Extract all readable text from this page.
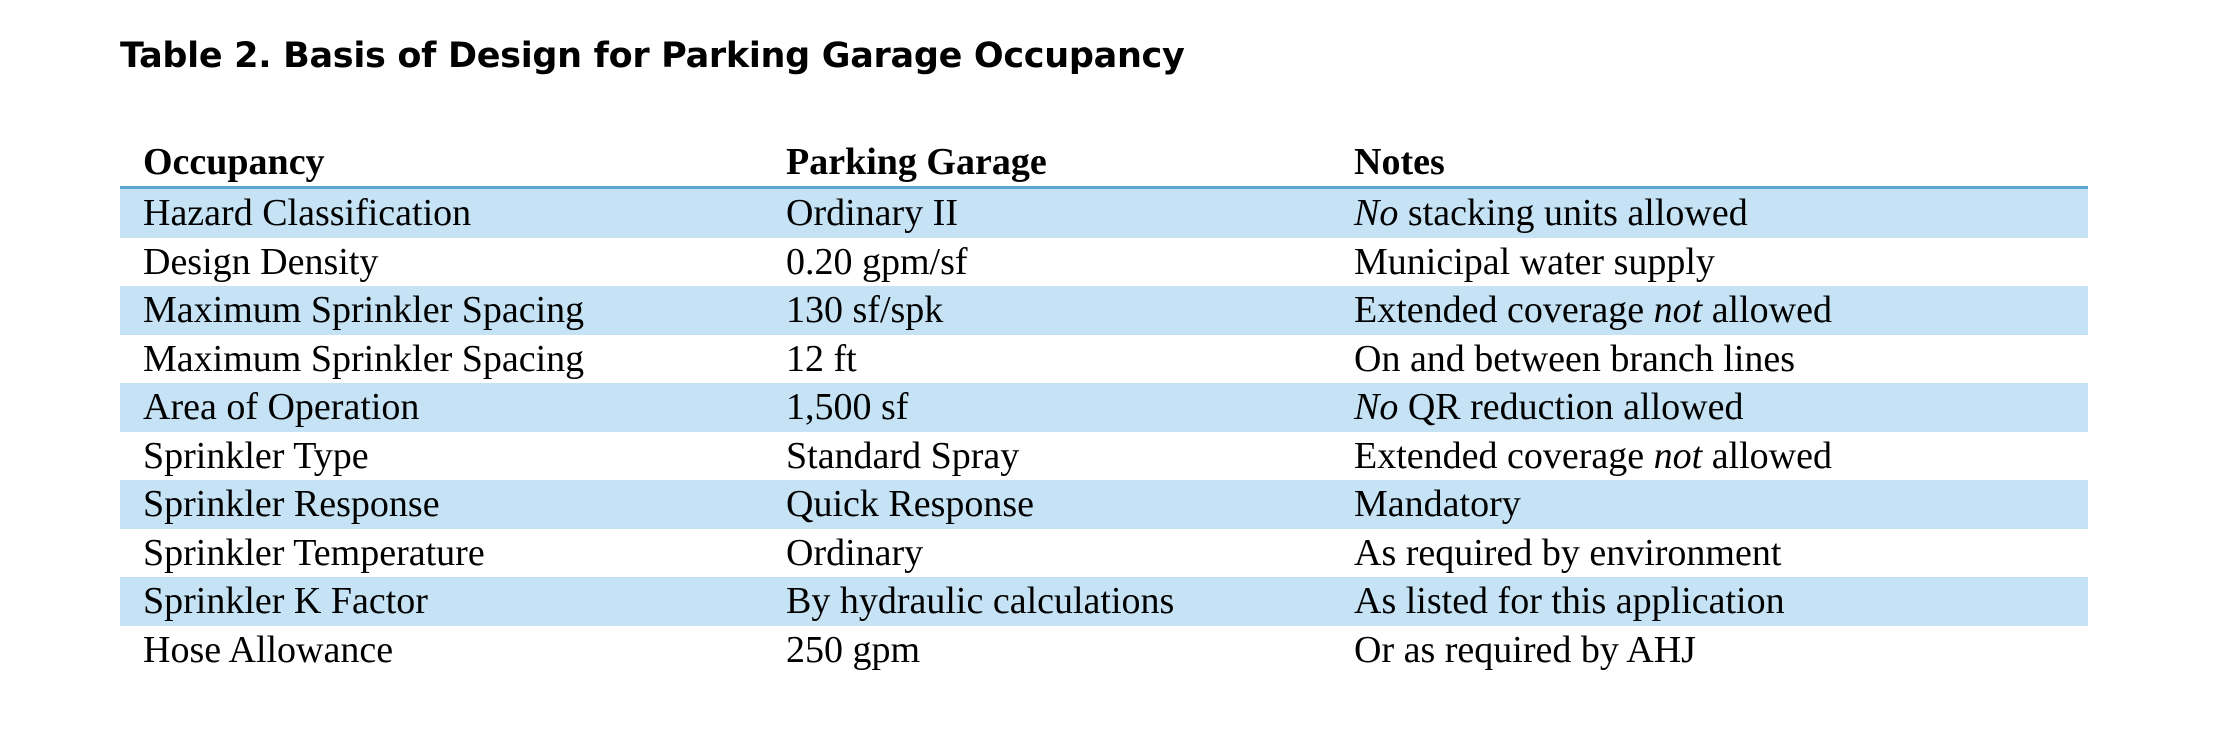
Table 2. Basis of Design for Parking Garage Occupancy
Occupancy	Parking Garage	Notes
Hazard Classification	Ordinary II	No stacking units allowed
Design Density	0.20 gpm/sf	Municipal water supply
Maximum Sprinkler Spacing	130 sf/spk	Extended coverage not allowed
Maximum Sprinkler Spacing	12 ft	On and between branch lines
Area of Operation	1,500 sf	No QR reduction allowed
Sprinkler Type	Standard Spray	Extended coverage not allowed
Sprinkler Response	Quick Response	Mandatory
Sprinkler Temperature	Ordinary	As required by environment
Sprinkler K Factor	By hydraulic calculations	As listed for this application
Hose Allowance	250 gpm	Or as required by AHJ
